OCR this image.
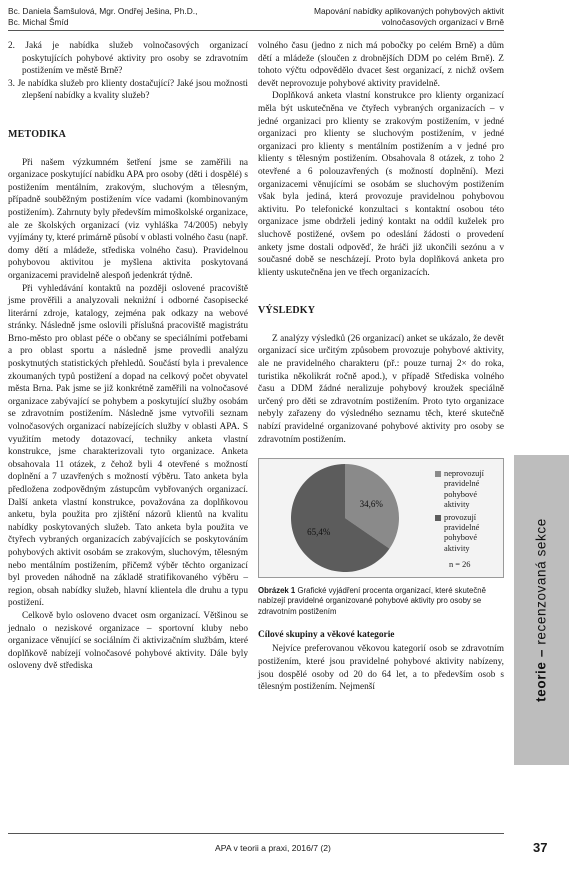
Bc. Daniela Šamšulová, Mgr. Ondřej Ješina, Ph.D.,
Bc. Michal Šmíd
Mapování nabídky aplikovaných pohybových aktivit
volnočasových organizací v Brně
2. Jaká je nabídka služeb volnočasových organizací poskytujících pohybové aktivity pro osoby se zdravotním postižením ve městě Brně?
3. Je nabídka služeb pro klienty dostačující? Jaké jsou možnosti zlepšení nabídky a kvality služeb?
METODIKA

Při našem výzkumném šetření jsme se zaměřili na organizace poskytující nabídku APA pro osoby (děti i dospělé) s postižením mentálním, zrakovým, sluchovým a tělesným, případně souběžným postižením více vadami (kombinovaným postižením). Zahrnuty byly především mimoškolské organizace, ale ze školských organizací (viz vyhláška 74/2005) nebyly vyjímány ty, které primárně působí v oblasti volného času (např. domy dětí a mládeže, střediska volného času). Pravidelnou pohybovou aktivitou je myšlena aktivita poskytovaná organizacemi pravidelně alespoň jedenkrát týdně.

Při vyhledávání kontaktů na později oslovené pracoviště jsme prověřili a analyzovali nekniżní i odborné časopisecké literární zdroje, katalogy, zejména pak odkazy na webové stránky. Následně jsme oslovili příslušná pracoviště magistrátu Brno-město pro oblast péče o občany se speciálními potřebami a pro oblast sportu a následně jsme provedli analýzu poskytnutých statistických přehledů. Součástí byla i prevalence zkoumaných typů postižení a dopad na celkový počet obyvatel města Brna. Pak jsme se již konkrétně zaměřili na volnočasové organizace zabývající se pohybem a poskytující služby osobám se zdravotním postižením. Následně jsme vytvořili seznam volnočasových organizací nabízejících služby v oblasti APA. S využitím metody dotazovací, techniky anketa vlastní konstrukce, jsme charakterizovali tyto organizace. Anketa obsahovala 11 otázek, z čehož byli 4 otevřené s možností doplnění a 7 uzavřených s možností výběru. Tato anketa byla předložena zodpovědným zástupcům vybřovaných organizací. Další anketa vlastní konstrukce, považována za doplňkovou anketu, byla použita pro zjištění názorů klientů na kvalitu nabídky poskytovaných služeb. Tato anketa byla použita ve čtyřech vybraných organizacích zabývajících se poskytováním pohybových aktivit osobám se zrakovým, sluchovým, tělesným nebo mentálním postižením, přičemž výběr těchto organizací byl proveden náhodně na základě stratifikovaného výběru – region, obsah nabídky služeb, hlavní klientela dle druhu a typu postižení.

Celkově bylo osloveno dvacet osm organizací. Většinou se jednalo o neziskové organizace – sportovní kluby nebo organizace věnující se sociálním či aktivizačním službám, které doplňkově nabízejí volnočasové pohybové aktivity. Dále byly osloveny dvě střediska

volného času (jedno z nich má pobočky po celém Brně) a dům dětí a mládeže (sloučen z drobnějších DDM po celém Brně). Z tohoto výčtu odpovědělo dvacet šest organizací, z nichž ovšem devět neprovozuje pohybové aktivity pravidelně.

Doplňková anketa vlastní konstrukce pro klienty organizací měla být uskutečněna ve čtyřech vybraných organizacích – v jedné organizaci pro klienty se zrakovým postižením, v jedné organizaci pro klienty se sluchovým postižením, v jedné organizaci pro klienty s mentálním postižením a v jedné pro klienty s tělesným postižením. Obsahovala 8 otázek, z toho 2 otevřené a 6 polouzavřených (s možností doplnění). Mezi organizacemi věnujícími se osobám se sluchovým postižením však byla jediná, která provozuje pravidelnou pohybovou aktivitu. Po telefonické konzultaci s kontaktní osobou této organizace jsme obdrželi jediný kontakt na oddíl kuželek pro sluchově postižené, ovšem po odeslání žádosti o provedení ankety jsme dostali odpověď, že hráči již ukončili sezónu a v současné době se nescházejí. Proto byla doplňková anketa pro klienty uskutečněna jen ve třech organizacích.

VÝSLEDKY

Z analýzy výsledků (26 organizací) anket se ukázalo, že devět organizací sice určitým způsobem provozuje pohybové aktivity, ale ne pravidelného charakteru (př.: pouze turnaj 2× do roka, turistika několikrát ročně apod.), v případě Střediska volného času a DDM žádné neralizuje pohybový kroužek speciálně určený pro děti se zdravotním postižením. Proto tyto organizace nebyly zařazeny do výsledného seznamu těch, které skutečně nabízí pravidelné organizované pohybové aktivity pro osoby se zdravotním postižením.

34,6%
65,4%
neprovozují pravidelné pohybové aktivity
provozují pravidelné pohybové aktivity
n = 26
Obrázek 1 Grafické vyjádření procenta organizací, které skutečně nabízejí pravidelné organizované pohybové aktivity pro osoby se zdravotním postižením
Cílové skupiny a věkové kategorie

Nejvíce preferovanou věkovou kategorií osob se zdravotním postižením, které jsou pravidelné pohybové aktivity nabízeny, jsou dospělé osoby od 20 do 64 let, a to především osob s tělesným postižením. Nejmenší	teorie – recenzovaná sekce
APA v teorii a praxi, 2016/7 (2)	37
